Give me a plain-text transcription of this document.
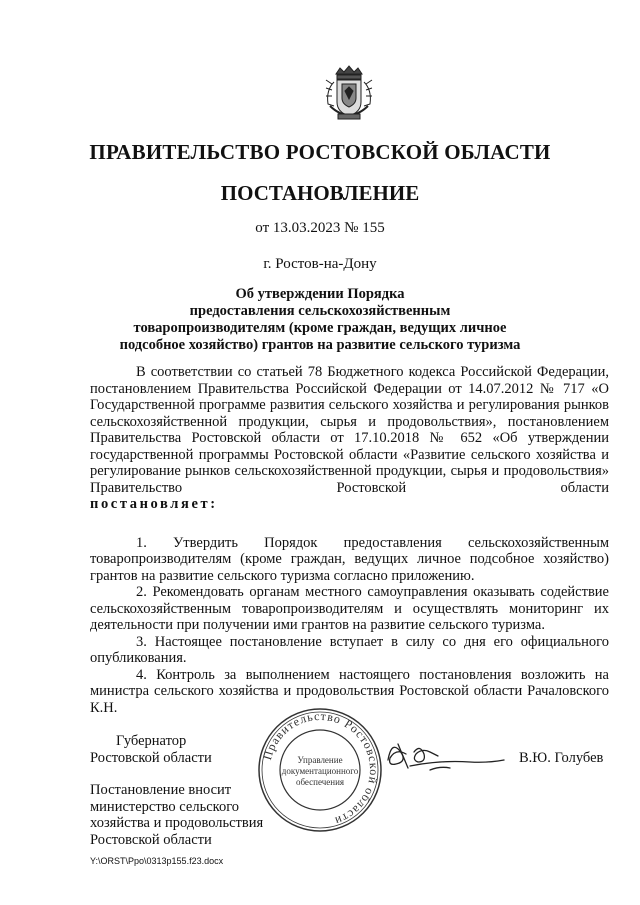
ПРАВИТЕЛЬСТВО РОСТОВСКОЙ ОБЛАСТИ
ПОСТАНОВЛЕНИЕ
от 13.03.2023 № 155
г. Ростов-на-Дону
Об утверждении Порядка
предоставления сельскохозяйственным
товаропроизводителям (кроме граждан, ведущих личное
подсобное хозяйство) грантов на развитие сельского туризма
В соответствии со статьей 78 Бюджетного кодекса Российской Федерации, постановлением Правительства Российской Федерации от 14.07.2012 № 717 «О Государственной программе развития сельского хозяйства и регулирования рынков сельскохозяйственной продукции, сырья и продовольствия», постановлением Правительства Ростовской области от 17.10.2018 № 652 «Об утверждении государственной программы Ростовской области «Развитие сельского хозяйства и регулирование рынков сельскохозяйственной продукции, сырья и продовольствия» Правительство Ростовской области
постановляет:
1. Утвердить Порядок предоставления сельскохозяйственным товаропроизводителям (кроме граждан, ведущих личное подсобное хозяйство) грантов на развитие сельского туризма согласно приложению.
2. Рекомендовать органам местного самоуправления оказывать содействие сельскохозяйственным товаропроизводителям и осуществлять мониторинг их деятельности при получении ими грантов на развитие сельского туризма.
3. Настоящее постановление вступает в силу со дня его официального опубликования.
4. Контроль за выполнением настоящего постановления возложить на министра сельского хозяйства и продовольствия Ростовской области Рачаловского К.Н.
Губернатор
Ростовской области	Правительство Ростовской области
Управление
документационного
обеспечения
В.Ю. Голубев
Постановление вносит
министерство сельского
хозяйства и продовольствия
Ростовской области
Y:\ORST\Ppo\0313p155.f23.docx
